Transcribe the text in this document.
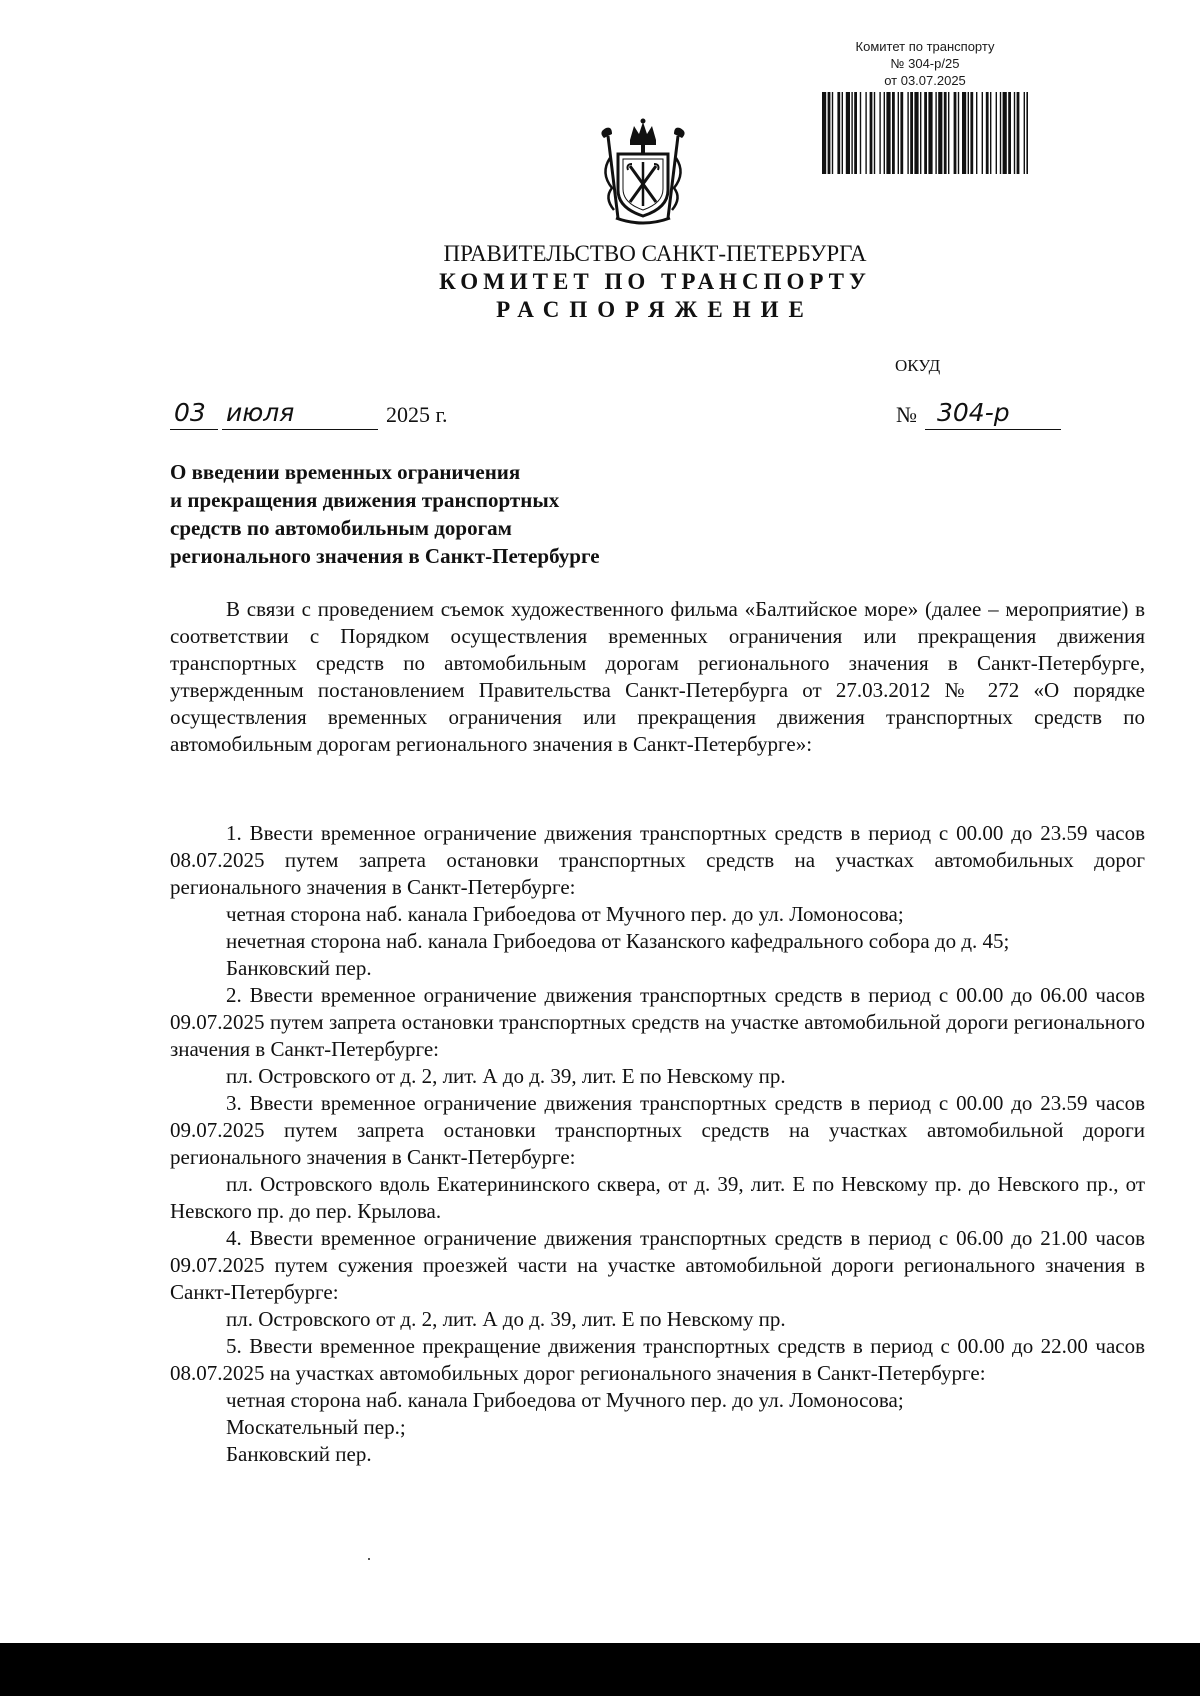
Комитет по транспорту
№ 304-р/25
от 03.07.2025
ПРАВИТЕЛЬСТВО САНКТ-ПЕТЕРБУРГА
КОМИТЕТ ПО ТРАНСПОРТУ
РАСПОРЯЖЕНИЕ
ОКУД
03 июля	2025 г.	№ 304-р
О введении временных ограничения
и прекращения движения транспортных
средств по автомобильным дорогам
регионального значения в Санкт-Петербурге
В связи с проведением съемок художественного фильма «Балтийское море» (далее – мероприятие) в соответствии с Порядком осуществления временных ограничения или прекращения движения транспортных средств по автомобильным дорогам регионального значения в Санкт-Петербурге, утвержденным постановлением Правительства Санкт-Петербурга от 27.03.2012 № 272 «О порядке осуществления временных ограничения или прекращения движения транспортных средств по автомобильным дорогам регионального значения в Санкт-Петербурге»:

1. Ввести временное ограничение движения транспортных средств в период с 00.00 до 23.59 часов 08.07.2025 путем запрета остановки транспортных средств на участках автомобильных дорог регионального значения в Санкт-Петербурге:

четная сторона наб. канала Грибоедова от Мучного пер. до ул. Ломоносова;

нечетная сторона наб. канала Грибоедова от Казанского кафедрального собора до д. 45;

Банковский пер.

2. Ввести временное ограничение движения транспортных средств в период с 00.00 до 06.00 часов 09.07.2025 путем запрета остановки транспортных средств на участке автомобильной дороги регионального значения в Санкт-Петербурге:

пл. Островского от д. 2, лит. А до д. 39, лит. Е по Невскому пр.

3. Ввести временное ограничение движения транспортных средств в период с 00.00 до 23.59 часов 09.07.2025 путем запрета остановки транспортных средств на участках автомобильной дороги регионального значения в Санкт-Петербурге:

пл. Островского вдоль Екатерининского сквера, от д. 39, лит. Е по Невскому пр. до Невского пр., от Невского пр. до пер. Крылова.

4. Ввести временное ограничение движения транспортных средств в период с 06.00 до 21.00 часов 09.07.2025 путем сужения проезжей части на участке автомобильной дороги регионального значения в Санкт-Петербурге:

пл. Островского от д. 2, лит. А до д. 39, лит. Е по Невскому пр.

5. Ввести временное прекращение движения транспортных средств в период с 00.00 до 22.00 часов 08.07.2025 на участках автомобильных дорог регионального значения в Санкт-Петербурге:

четная сторона наб. канала Грибоедова от Мучного пер. до ул. Ломоносова;

Москательный пер.;

Банковский пер.
